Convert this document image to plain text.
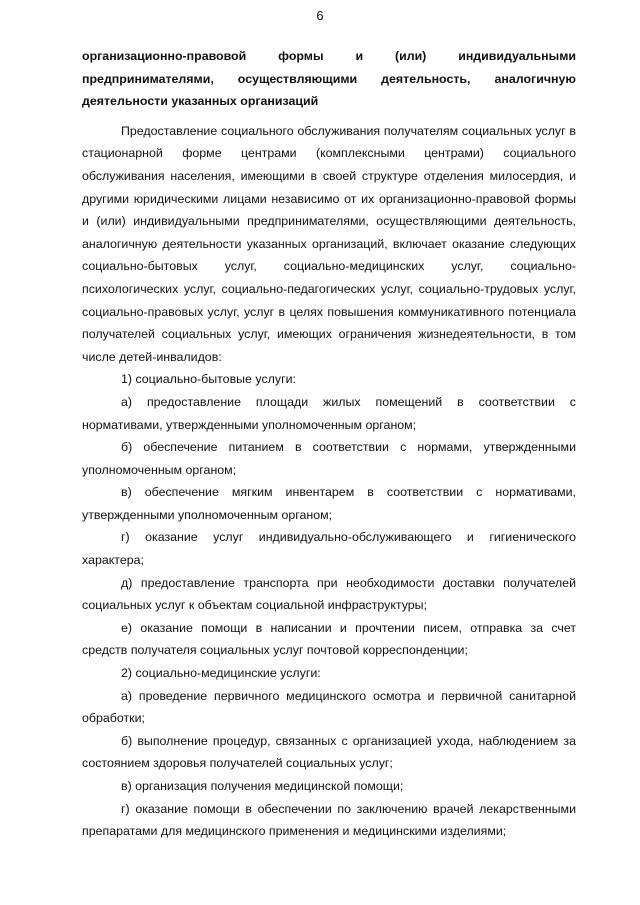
6

организационно-правовой формы и (или) индивидуальными предпринимателями, осуществляющими деятельность, аналогичную деятельности указанных организаций

Предоставление социального обслуживания получателям социальных услуг в стационарной форме центрами (комплексными центрами) социального обслуживания населения, имеющими в своей структуре отделения милосердия, и другими юридическими лицами независимо от их организационно-правовой формы и (или) индивидуальными предпринимателями, осуществляющими деятельность, аналогичную деятельности указанных организаций, включает оказание следующих социально-бытовых услуг, социально-медицинских услуг, социально-психологических услуг, социально-педагогических услуг, социально-трудовых услуг, социально-правовых услуг, услуг в целях повышения коммуникативного потенциала получателей социальных услуг, имеющих ограничения жизнедеятельности, в том числе детей-инвалидов:

1) социально-бытовые услуги:

а) предоставление площади жилых помещений в соответствии с нормативами, утвержденными уполномоченным органом;

б) обеспечение питанием в соответствии с нормами, утвержденными уполномоченным органом;

в) обеспечение мягким инвентарем в соответствии с нормативами, утвержденными уполномоченным органом;

г) оказание услуг индивидуально-обслуживающего и гигиенического характера;

д) предоставление транспорта при необходимости доставки получателей социальных услуг к объектам социальной инфраструктуры;

е) оказание помощи в написании и прочтении писем, отправка за счет средств получателя социальных услуг почтовой корреспонденции;

2) социально-медицинские услуги:

а) проведение первичного медицинского осмотра и первичной санитарной обработки;

б) выполнение процедур, связанных с организацией ухода, наблюдением за состоянием здоровья получателей социальных услуг;

в) организация получения медицинской помощи;

г) оказание помощи в обеспечении по заключению врачей лекарственными препаратами для медицинского применения и медицинскими изделиями;
